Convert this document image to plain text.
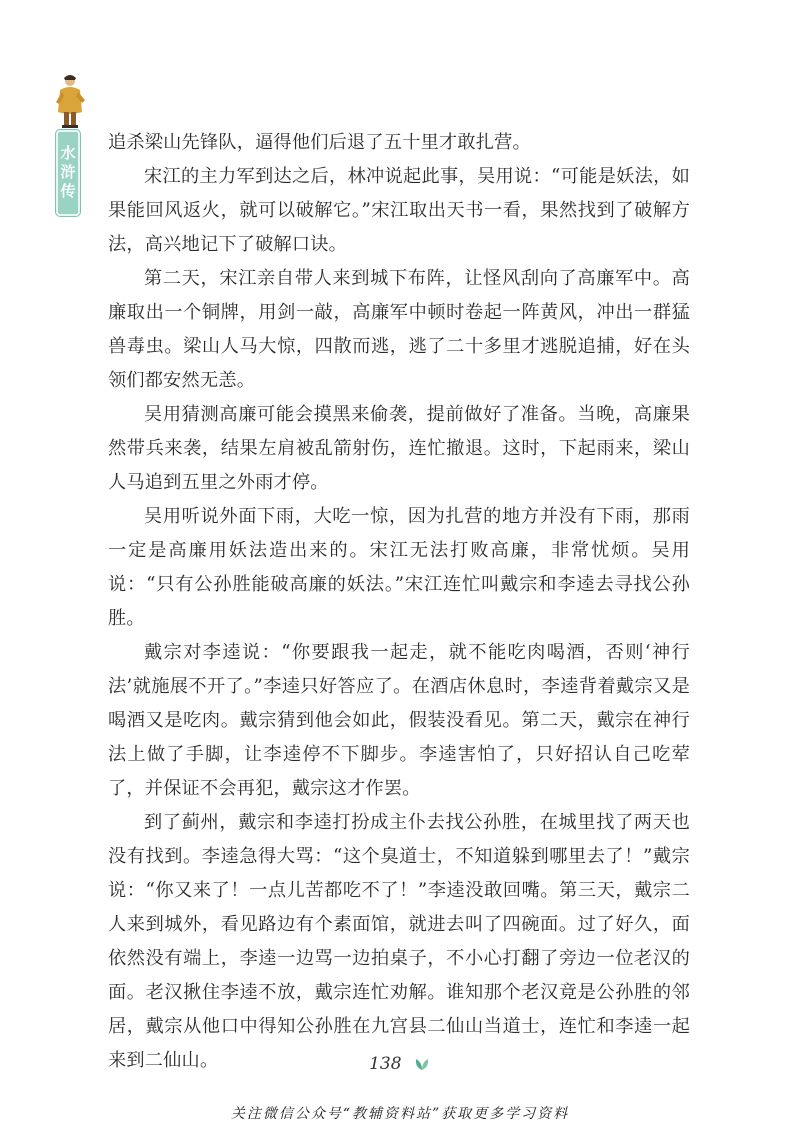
水浒传

追杀梁山先锋队，逼得他们后退了五十里才敢扎营。

宋江的主力军到达之后，林冲说起此事，吴用说：“可能是妖法，如果能回风返火，就可以破解它。”宋江取出天书一看，果然找到了破解方法，高兴地记下了破解口诀。

第二天，宋江亲自带人来到城下布阵，让怪风刮向了高廉军中。高廉取出一个铜牌，用剑一敲，高廉军中顿时卷起一阵黄风，冲出一群猛兽毒虫。梁山人马大惊，四散而逃，逃了二十多里才逃脱追捕，好在头领们都安然无恙。

吴用猜测高廉可能会摸黑来偷袭，提前做好了准备。当晚，高廉果然带兵来袭，结果左肩被乱箭射伤，连忙撤退。这时，下起雨来，梁山人马追到五里之外雨才停。

吴用听说外面下雨，大吃一惊，因为扎营的地方并没有下雨，那雨一定是高廉用妖法造出来的。宋江无法打败高廉，非常忧烦。吴用说：“只有公孙胜能破高廉的妖法。”宋江连忙叫戴宗和李逵去寻找公孙胜。

戴宗对李逵说：“你要跟我一起走，就不能吃肉喝酒，否则‘神行法’就施展不开了。”李逵只好答应了。在酒店休息时，李逵背着戴宗又是喝酒又是吃肉。戴宗猜到他会如此，假装没看见。第二天，戴宗在神行法上做了手脚，让李逵停不下脚步。李逵害怕了，只好招认自己吃荤了，并保证不会再犯，戴宗这才作罢。

到了蓟州，戴宗和李逵打扮成主仆去找公孙胜，在城里找了两天也没有找到。李逵急得大骂：“这个臭道士，不知道躲到哪里去了！”戴宗说：“你又来了！一点儿苦都吃不了！”李逵没敢回嘴。第三天，戴宗二人来到城外，看见路边有个素面馆，就进去叫了四碗面。过了好久，面依然没有端上，李逵一边骂一边拍桌子，不小心打翻了旁边一位老汉的面。老汉揪住李逵不放，戴宗连忙劝解。谁知那个老汉竟是公孙胜的邻居，戴宗从他口中得知公孙胜在九宫县二仙山当道士，连忙和李逵一起来到二仙山。	138
关注微信公众号“教辅资料站”获取更多学习资料
